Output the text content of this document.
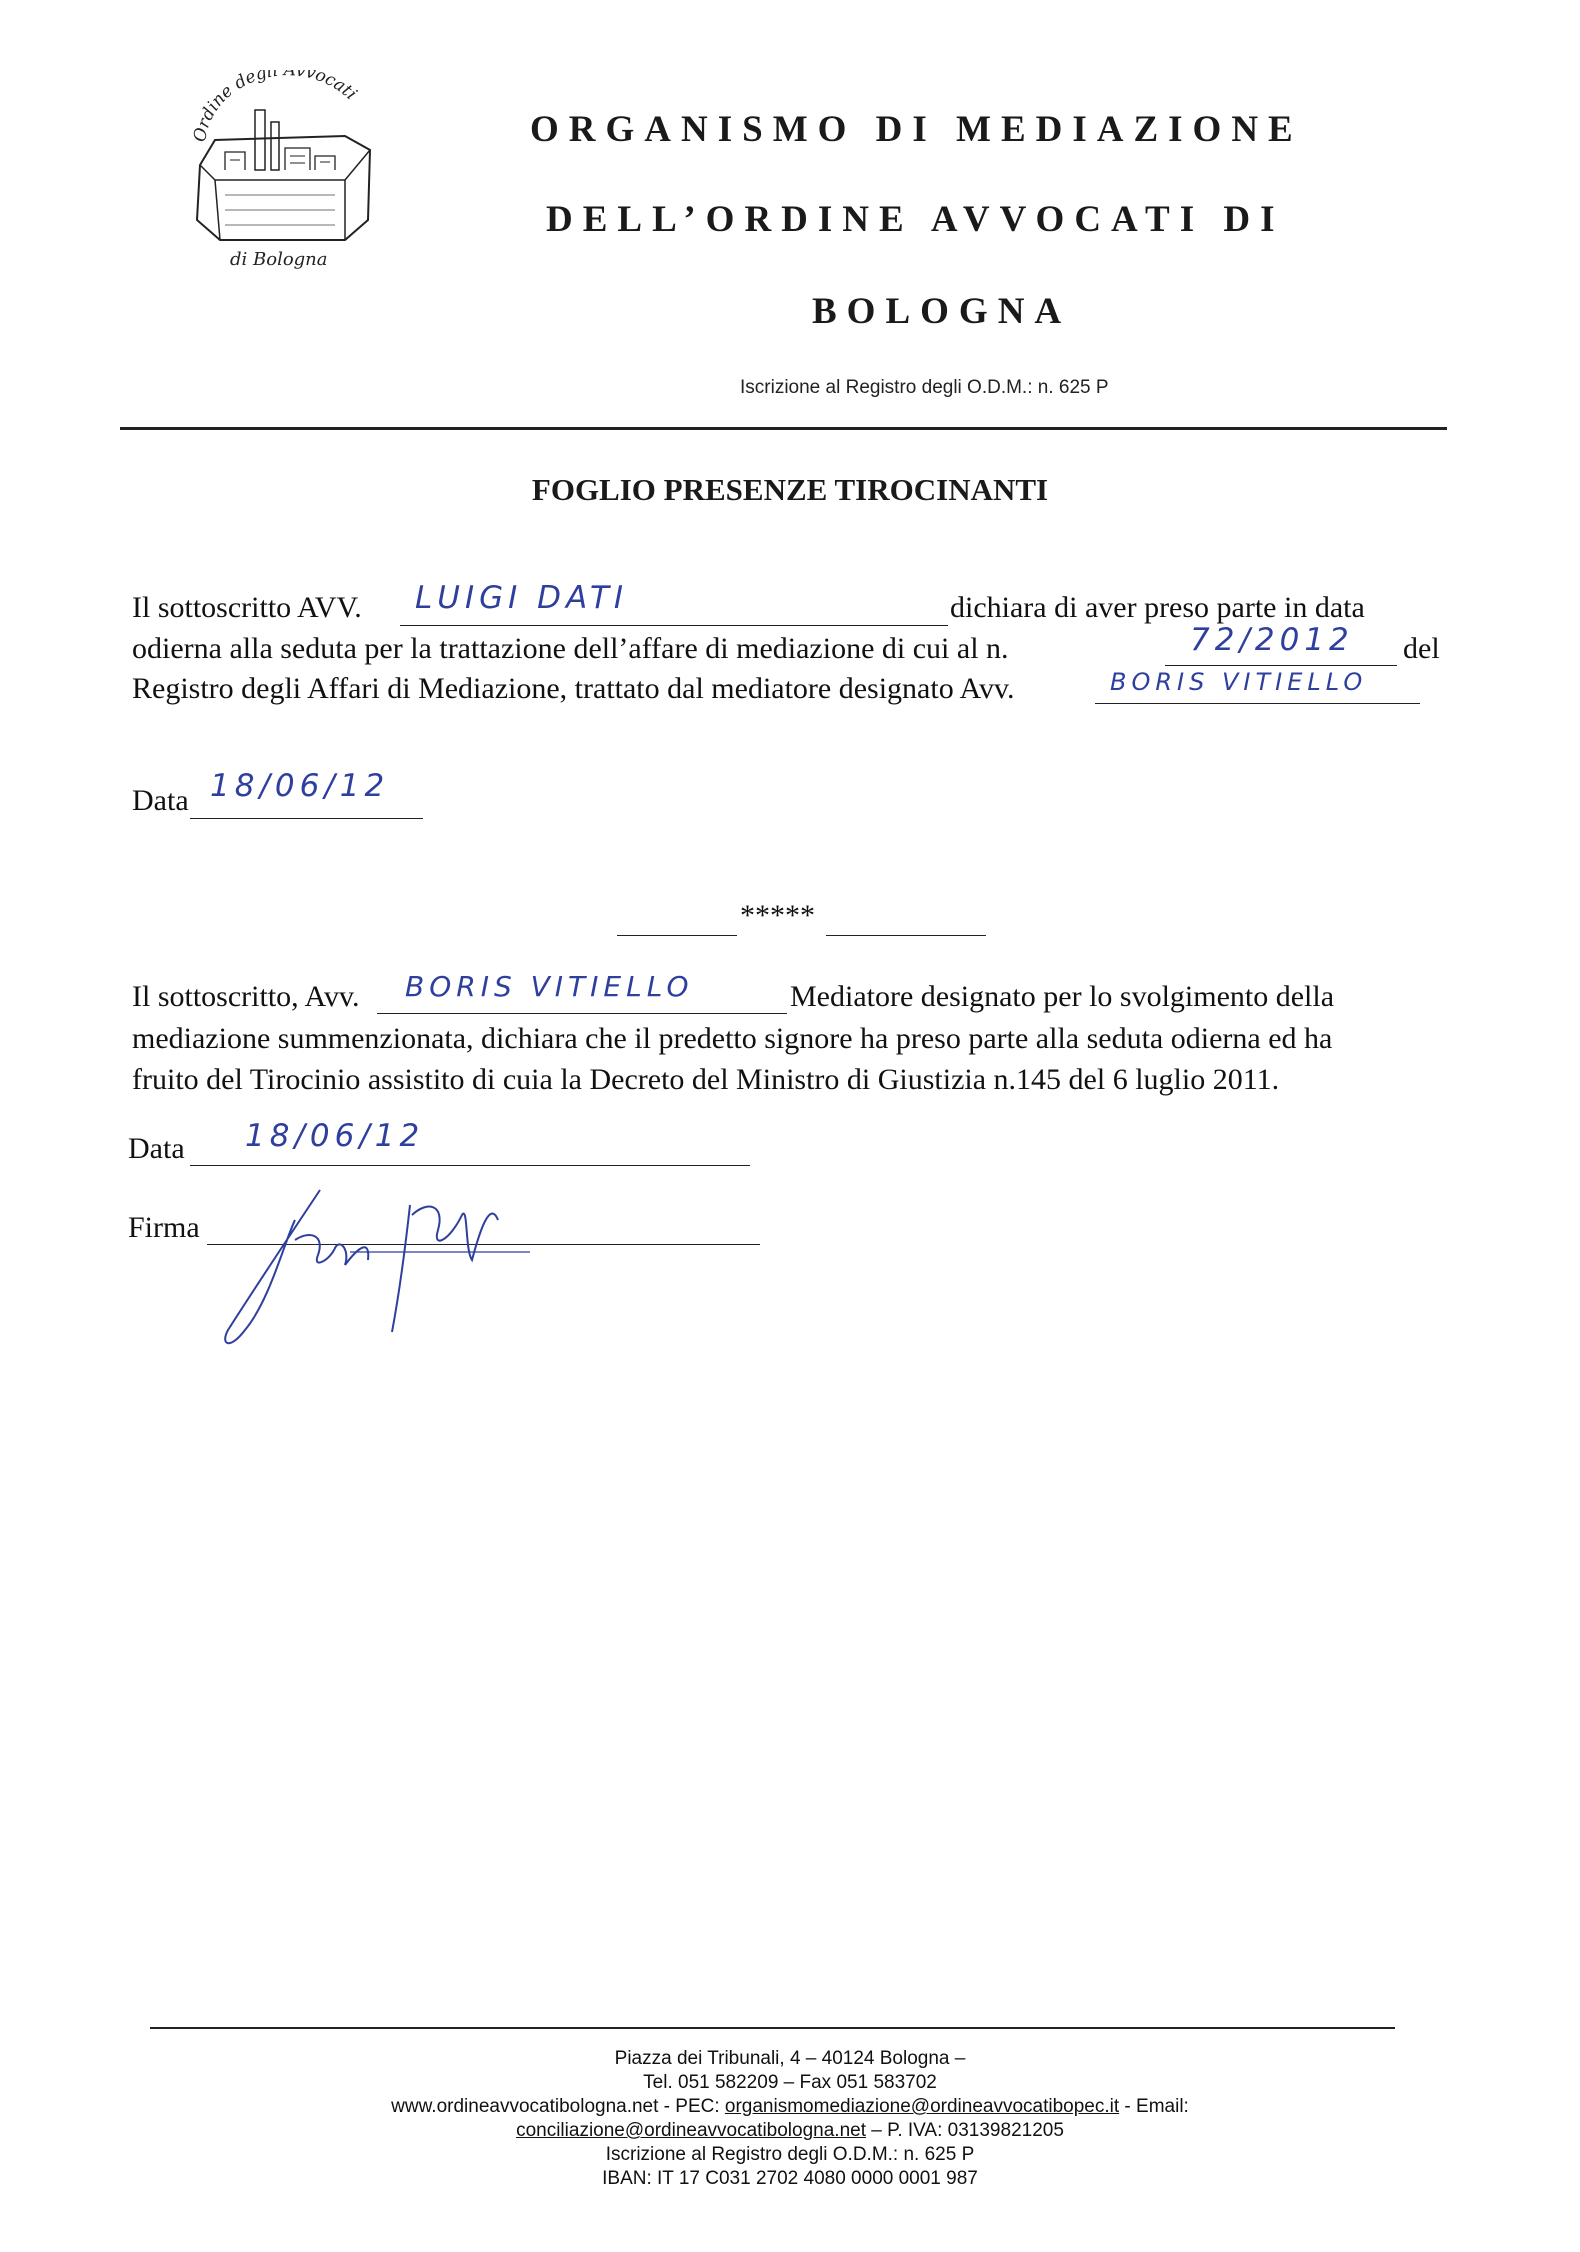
Ordine degli Avvocati
di Bologna
ORGANISMO DI MEDIAZIONE
DELL’ORDINE AVVOCATI DI
BOLOGNA
Iscrizione al Registro degli O.D.M.: n. 625 P
FOGLIO PRESENZE TIROCINANTI
Il sottoscritto AVV. LUIGI DATI	dichiara di aver preso parte in data
odierna alla seduta per la trattazione dell’affare di mediazione di cui al n.	72/2012 del
Registro degli Affari di Mediazione, trattato dal mediatore designato Avv.	BORIS VITIELLO
Data 18/06/12
*****
Il sottoscritto, Avv. BORIS VITIELLO	Mediatore designato per lo svolgimento della
mediazione summenzionata, dichiara che il predetto signore ha preso parte alla seduta odierna ed ha
fruito del Tirocinio assistito di cuia la Decreto del Ministro di Giustizia n.145 del 6 luglio 2011.
Data 18/06/12
Firma
Piazza dei Tribunali, 4 – 40124 Bologna –
Tel. 051 582209 – Fax 051 583702
www.ordineavvocatibologna.net - PEC: organismomediazione@ordineavvocatibopec.it - Email:
conciliazione@ordineavvocatibologna.net – P. IVA: 03139821205
Iscrizione al Registro degli O.D.M.: n. 625 P
IBAN: IT 17 C031 2702 4080 0000 0001 987
